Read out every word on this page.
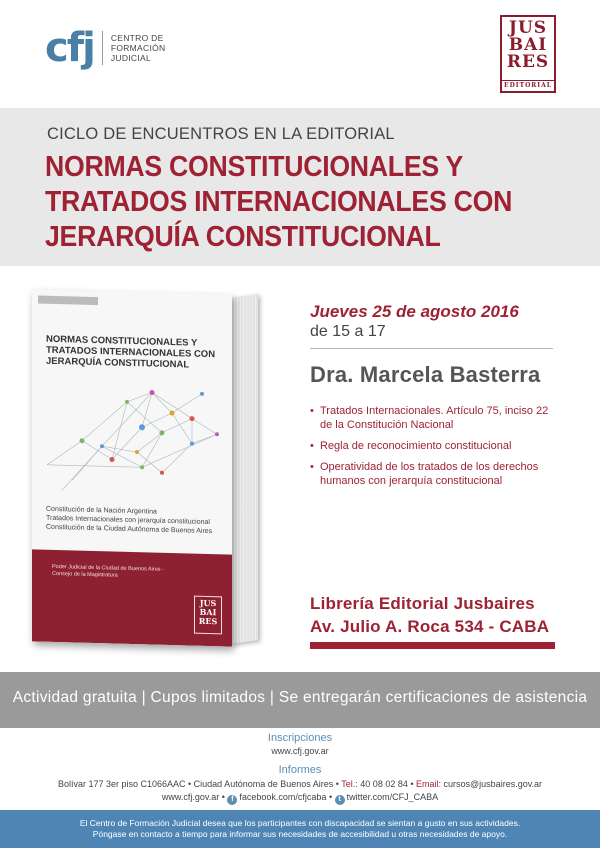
cfj CENTRO DE
FORMACIÓN
JUDICIAL
JUS
BAI
RES
EDITORIAL
CICLO DE ENCUENTROS EN LA EDITORIAL
NORMAS CONSTITUCIONALES Y
TRATADOS INTERNACIONALES CON
JERARQUÍA CONSTITUCIONAL
NORMAS CONSTITUCIONALES Y TRATADOS INTERNACIONALES CON JERARQUÍA CONSTITUCIONAL
Constitución de la Nación Argentina
Tratados Internacionales con jerarquía constitucional
Constitución de la Ciudad Autónoma de Buenos Aires
Poder Judicial de la Ciudad de Buenos Aires · Consejo de la Magistratura
JUS
BAI
RES
Jueves 25 de agosto 2016
de 15 a 17
Dra. Marcela Basterra
• Tratados Internacionales. Artículo 75, inciso 22 de la Constitución Nacional
• Regla de reconocimiento constitucional
• Operatividad de los tratados de los derechos humanos con jerarquía constitucional
Librería Editorial Jusbaires
Av. Julio A. Roca 534 - CABA
Actividad gratuita | Cupos limitados | Se entregarán certificaciones de asistencia
Inscripciones
www.cfj.gov.ar
Informes
Bolívar 177 3er piso C1066AAC • Ciudad Autónoma de Buenos Aires • Tel.: 40 08 02 84 • Email: cursos@jusbaires.gov.ar
www.cfj.gov.ar • f facebook.com/cfjcaba • t twitter.com/CFJ_CABA

El Centro de Formación Judicial desea que los participantes con discapacidad se sientan a gusto en sus actividades.

Póngase en contacto a tiempo para informar sus necesidades de accesibilidad u otras necesidades de apoyo.
